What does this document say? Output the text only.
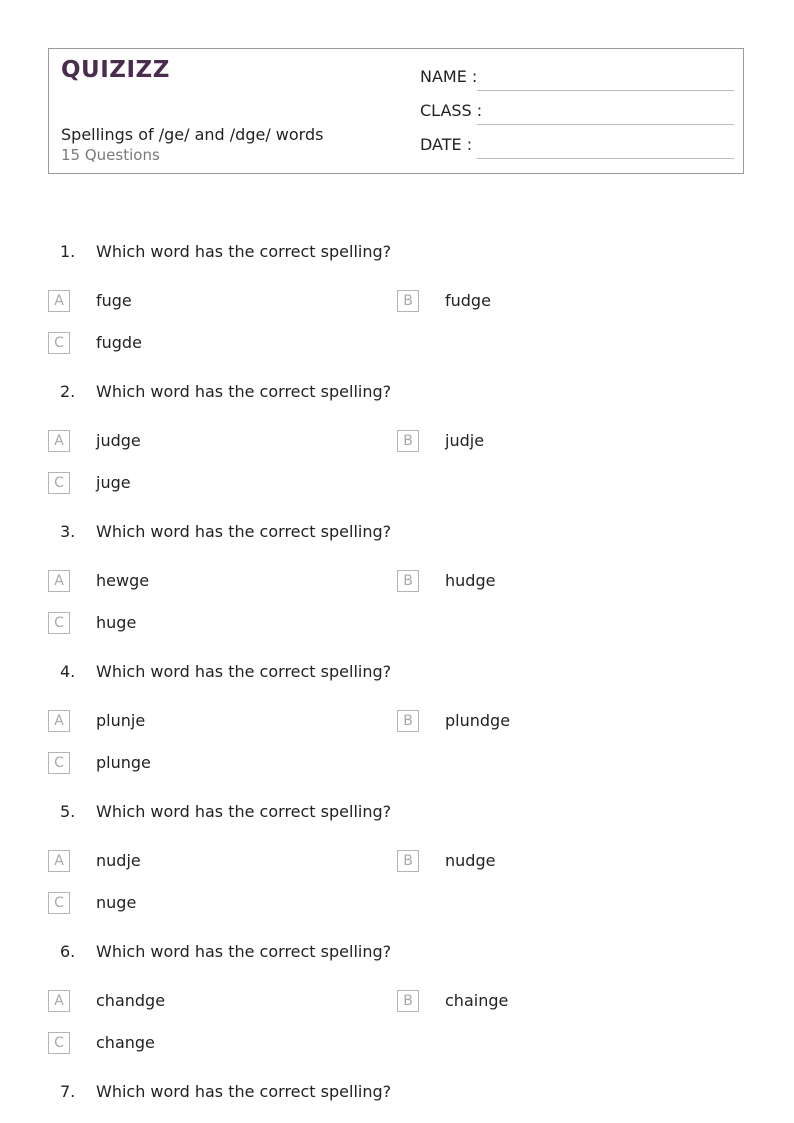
QUIZIZZ
Spellings of /ge/ and /dge/ words
15 Questions
NAME :
CLASS :
DATE :
1. Which word has the correct spelling?
A	fuge	B	fudge
C	fugde
2. Which word has the correct spelling?
A	judge	B	judje
C	juge
3. Which word has the correct spelling?
A	hewge	B	hudge
C	huge
4. Which word has the correct spelling?
A	plunje	B	plundge
C	plunge
5. Which word has the correct spelling?
A	nudje	B	nudge
C	nuge
6. Which word has the correct spelling?
A	chandge	B	chainge
C	change
7. Which word has the correct spelling?
